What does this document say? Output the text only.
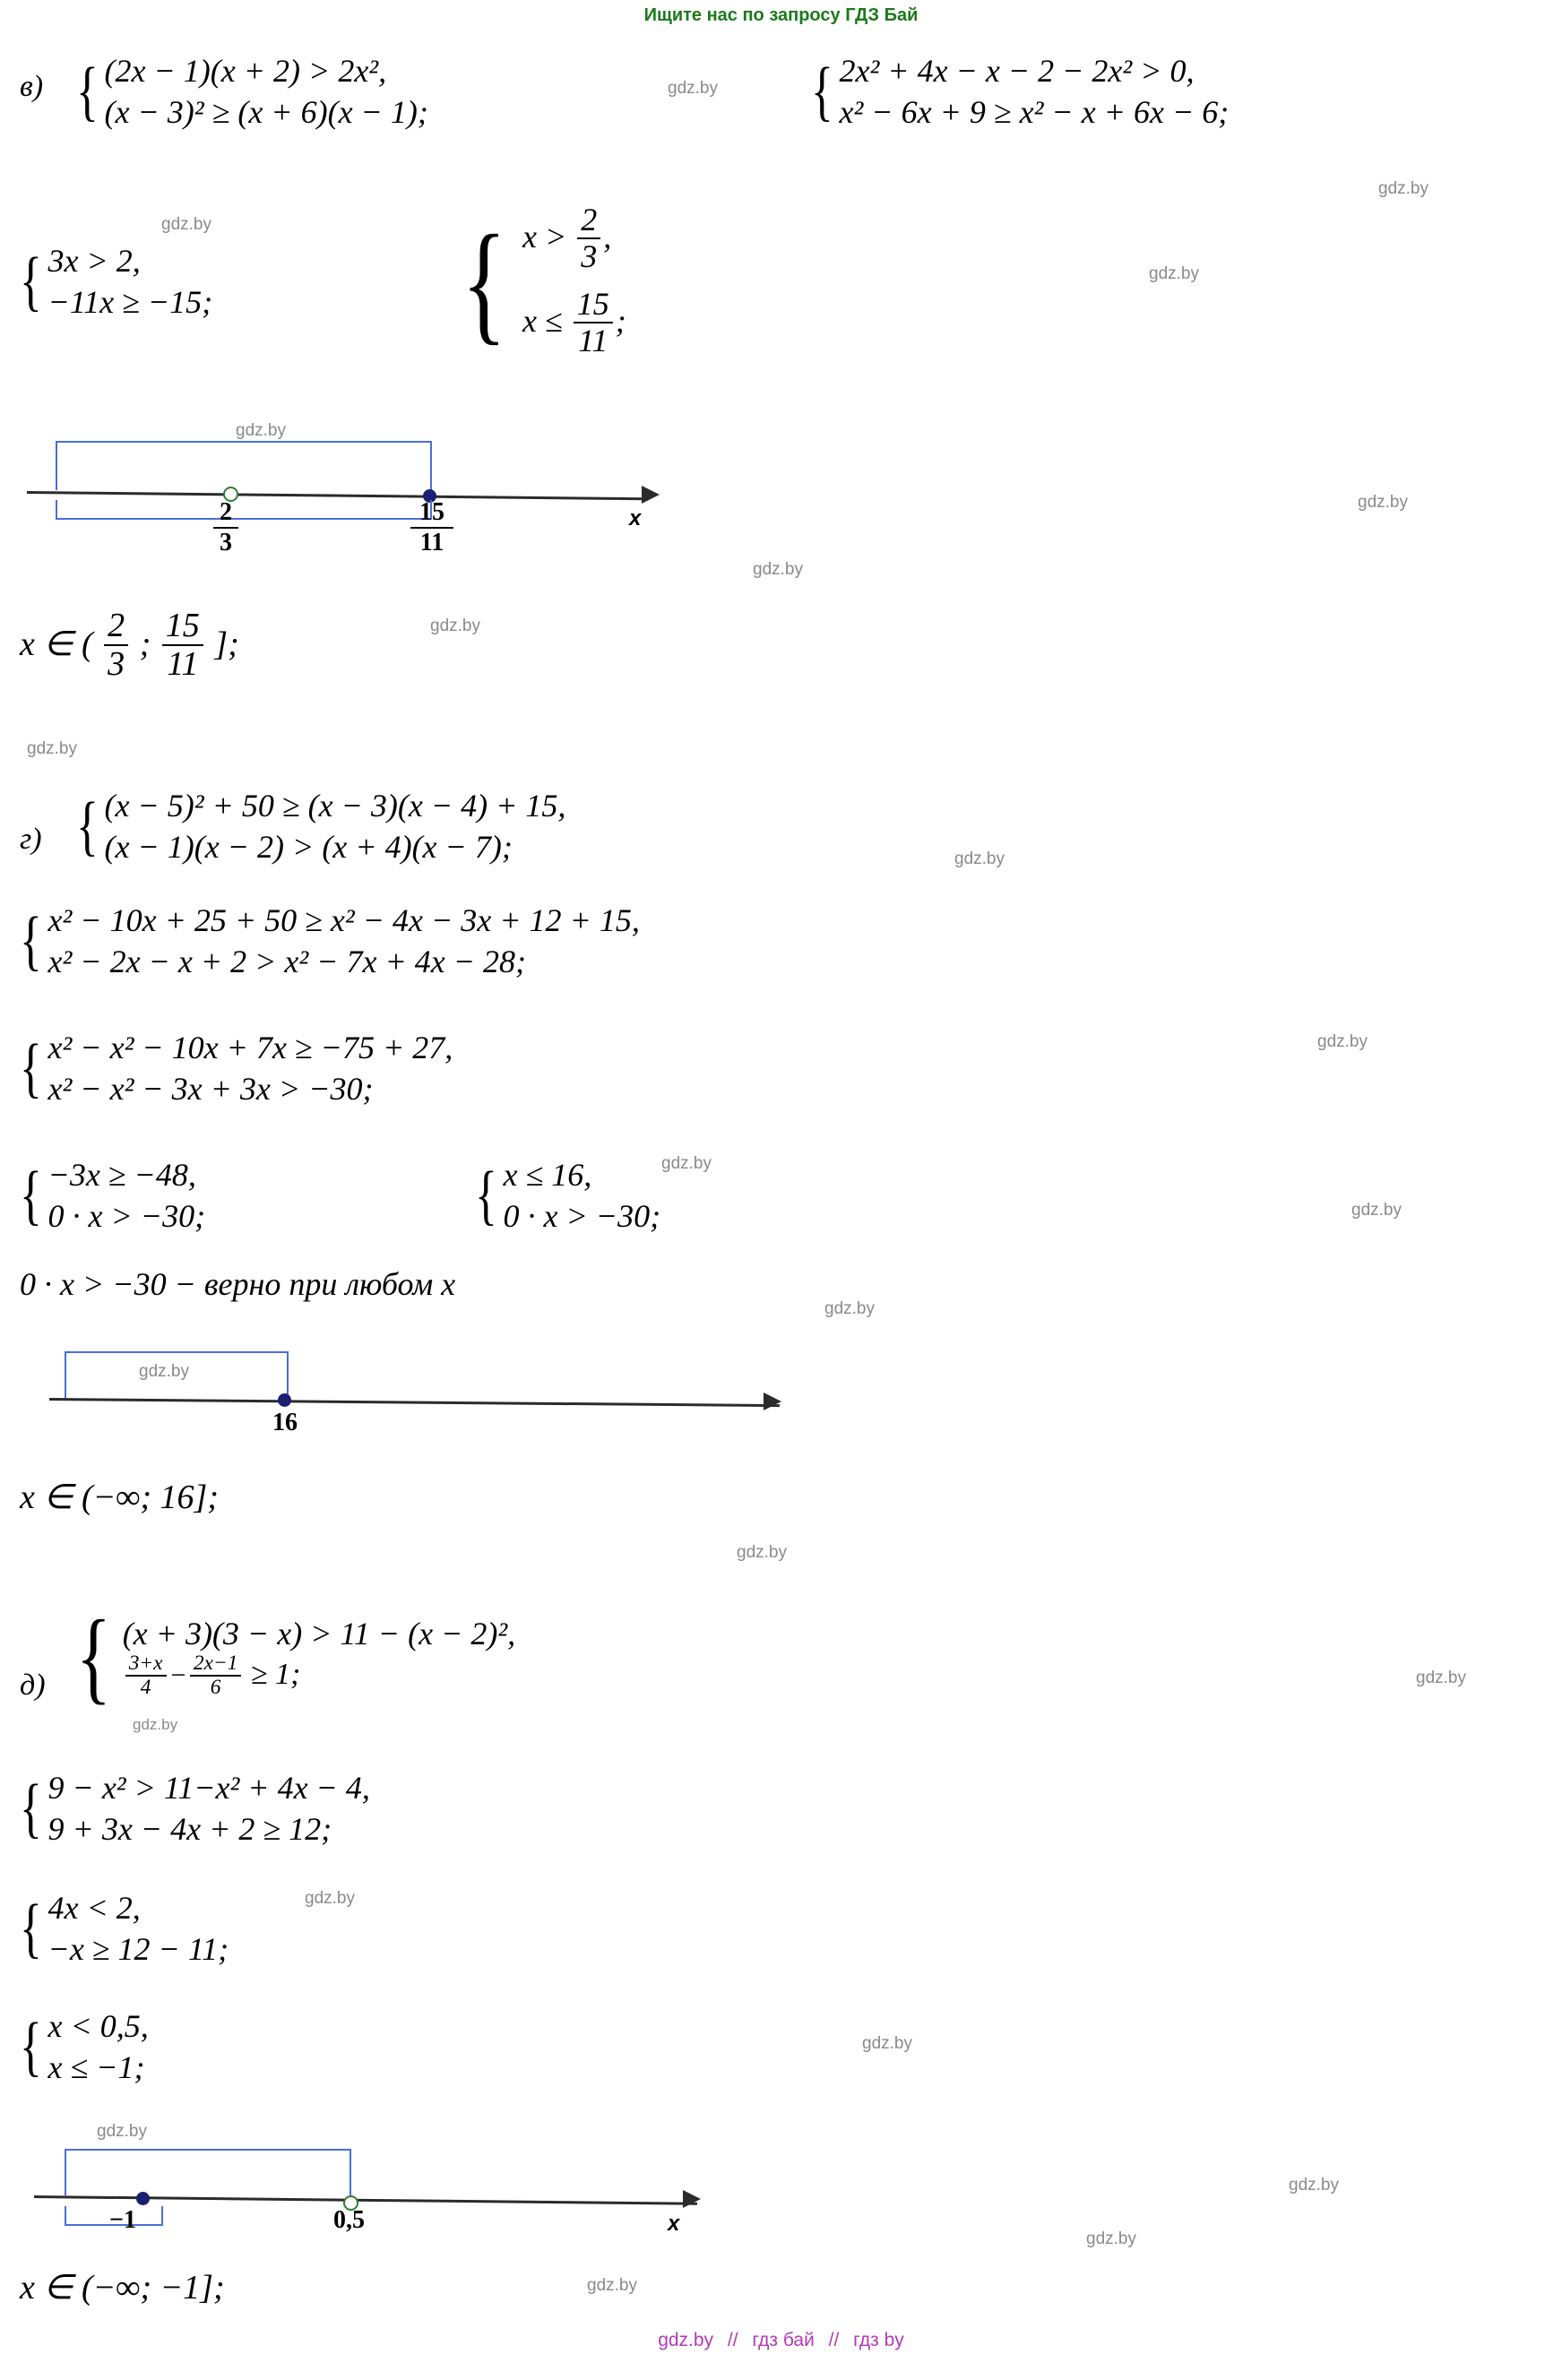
Ищите нас по запросу ГДЗ Бай
в) { (2x − 1)(x + 2) > 2x²,
(x − 3)² ≥ (x + 6)(x − 1);	{ 2x² + 4x − x − 2 − 2x² > 0,
x² − 6x + 9 ≥ x² − x + 6x − 6;
{ 3x > 2,
−11x ≥ −15; { $x > \frac{2}{3}$ ,
$x \le \frac{15}{11}$ ;
2
3
15
11
x
x ∈ ( $\frac{2}{3}$ ; $\frac{15}{11}$ ];
г) { (x − 5)² + 50 ≥ (x − 3)(x − 4) + 15,
(x − 1)(x − 2) > (x + 4)(x − 7);
{ x² − 10x + 25 + 50 ≥ x² − 4x − 3x + 12 + 15,
x² − 2x − x + 2 > x² − 7x + 4x − 28;
{ x² − x² − 10x + 7x ≥ −75 + 27,
x² − x² − 3x + 3x > −30;
{ −3x ≥ −48,
0 · x > −30;	{ x ≤ 16,
0 · x > −30;
0 · x > −30 − верно при любом x
16
x ∈ (−∞; 16];
д) { (x + 3)(3 − x) > 11 − (x − 2)²,
$\frac{3+x}{4} - \frac{2x-1}{6} \ge 1$;
{ 9 − x² > 11−x² + 4x − 4,
9 + 3x − 4x + 2 ≥ 12;
{ 4x < 2,
−x ≥ 12 − 11;
{ x < 0,5,
x ≤ −1;
−1	0,5	x
x ∈ (−∞; −1];
gdz.by
gdz.by
gdz.by
gdz.by
gdz.by
gdz.by
gdz.by
gdz.by
gdz.by
gdz.by
gdz.by
gdz.by
gdz.by
gdz.by
gdz.by
gdz.by
gdz.by
gdz.by
gdz.by
gdz.by
gdz.by
gdz.by
gdz.by
gdz.by
gdz.by // гдз бай // гдз by
